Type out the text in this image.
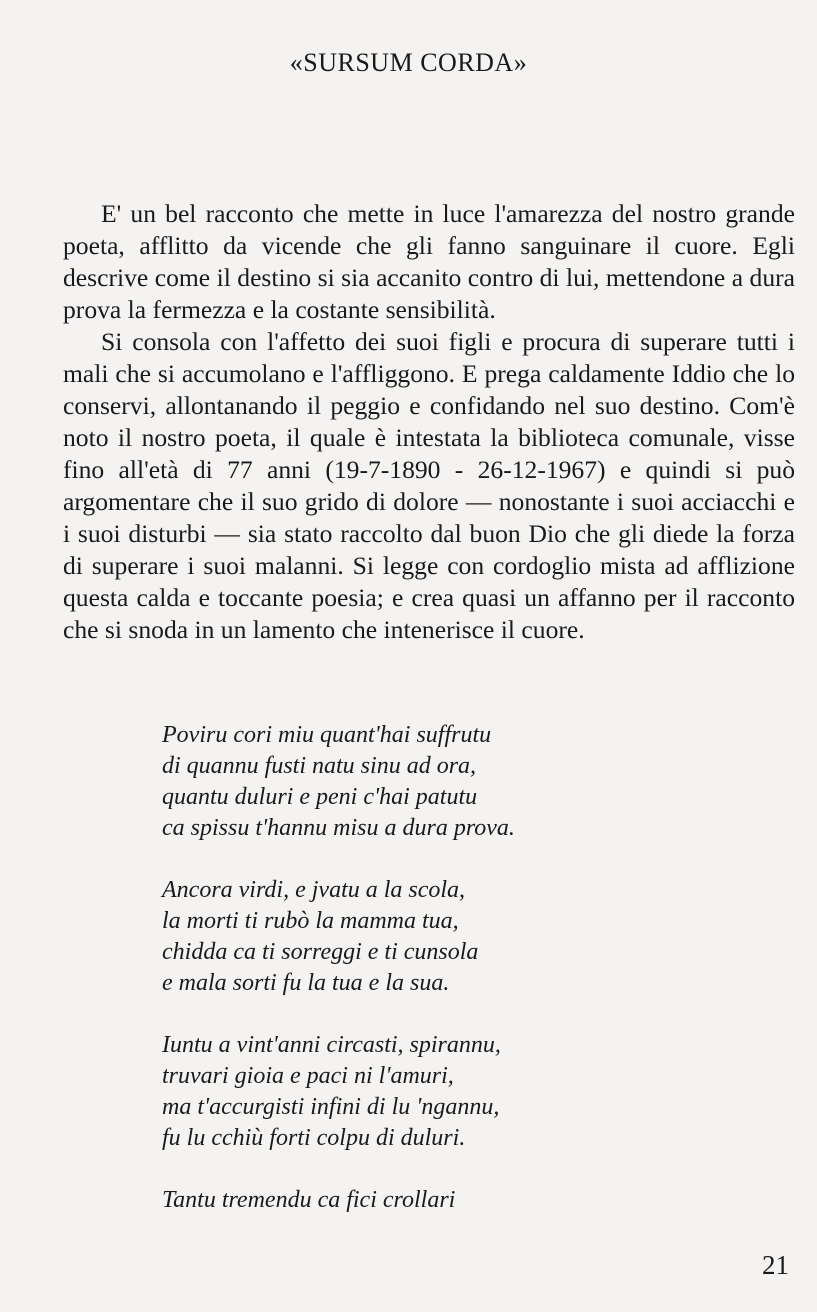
«SURSUM CORDA»

E' un bel racconto che mette in luce l'amarezza del nostro grande poeta, afflitto da vicende che gli fanno sanguinare il cuore. Egli descrive come il destino si sia accanito contro di lui, mettendone a dura prova la fermezza e la costante sensibilità.

Si consola con l'affetto dei suoi figli e procura di superare tutti i mali che si accumolano e l'affliggono. E prega caldamente Iddio che lo conservi, allontanando il peggio e confidando nel suo destino. Com'è noto il nostro poeta, il quale è intestata la biblioteca comunale, visse fino all'età di 77 anni (19-7-1890 - 26-12-1967) e quindi si può argomentare che il suo grido di dolore — nonostante i suoi acciacchi e i suoi disturbi — sia stato raccolto dal buon Dio che gli diede la forza di superare i suoi malanni. Si legge con cordoglio mista ad afflizione questa calda e toccante poesia; e crea quasi un affanno per il racconto che si snoda in un lamento che intenerisce il cuore.

Poviru cori miu quant'hai suffrutu
di quannu fusti natu sinu ad ora,
quantu duluri e peni c'hai patutu
ca spissu t'hannu misu a dura prova.
Ancora virdi, e jvatu a la scola,
la morti ti rubò la mamma tua,
chidda ca ti sorreggi e ti cunsola
e mala sorti fu la tua e la sua.
Iuntu a vint'anni circasti, spirannu,
truvari gioia e paci ni l'amuri,
ma t'accurgisti infini di lu 'ngannu,
fu lu cchiù forti colpu di duluri.
Tantu tremendu ca fici crollari
21
